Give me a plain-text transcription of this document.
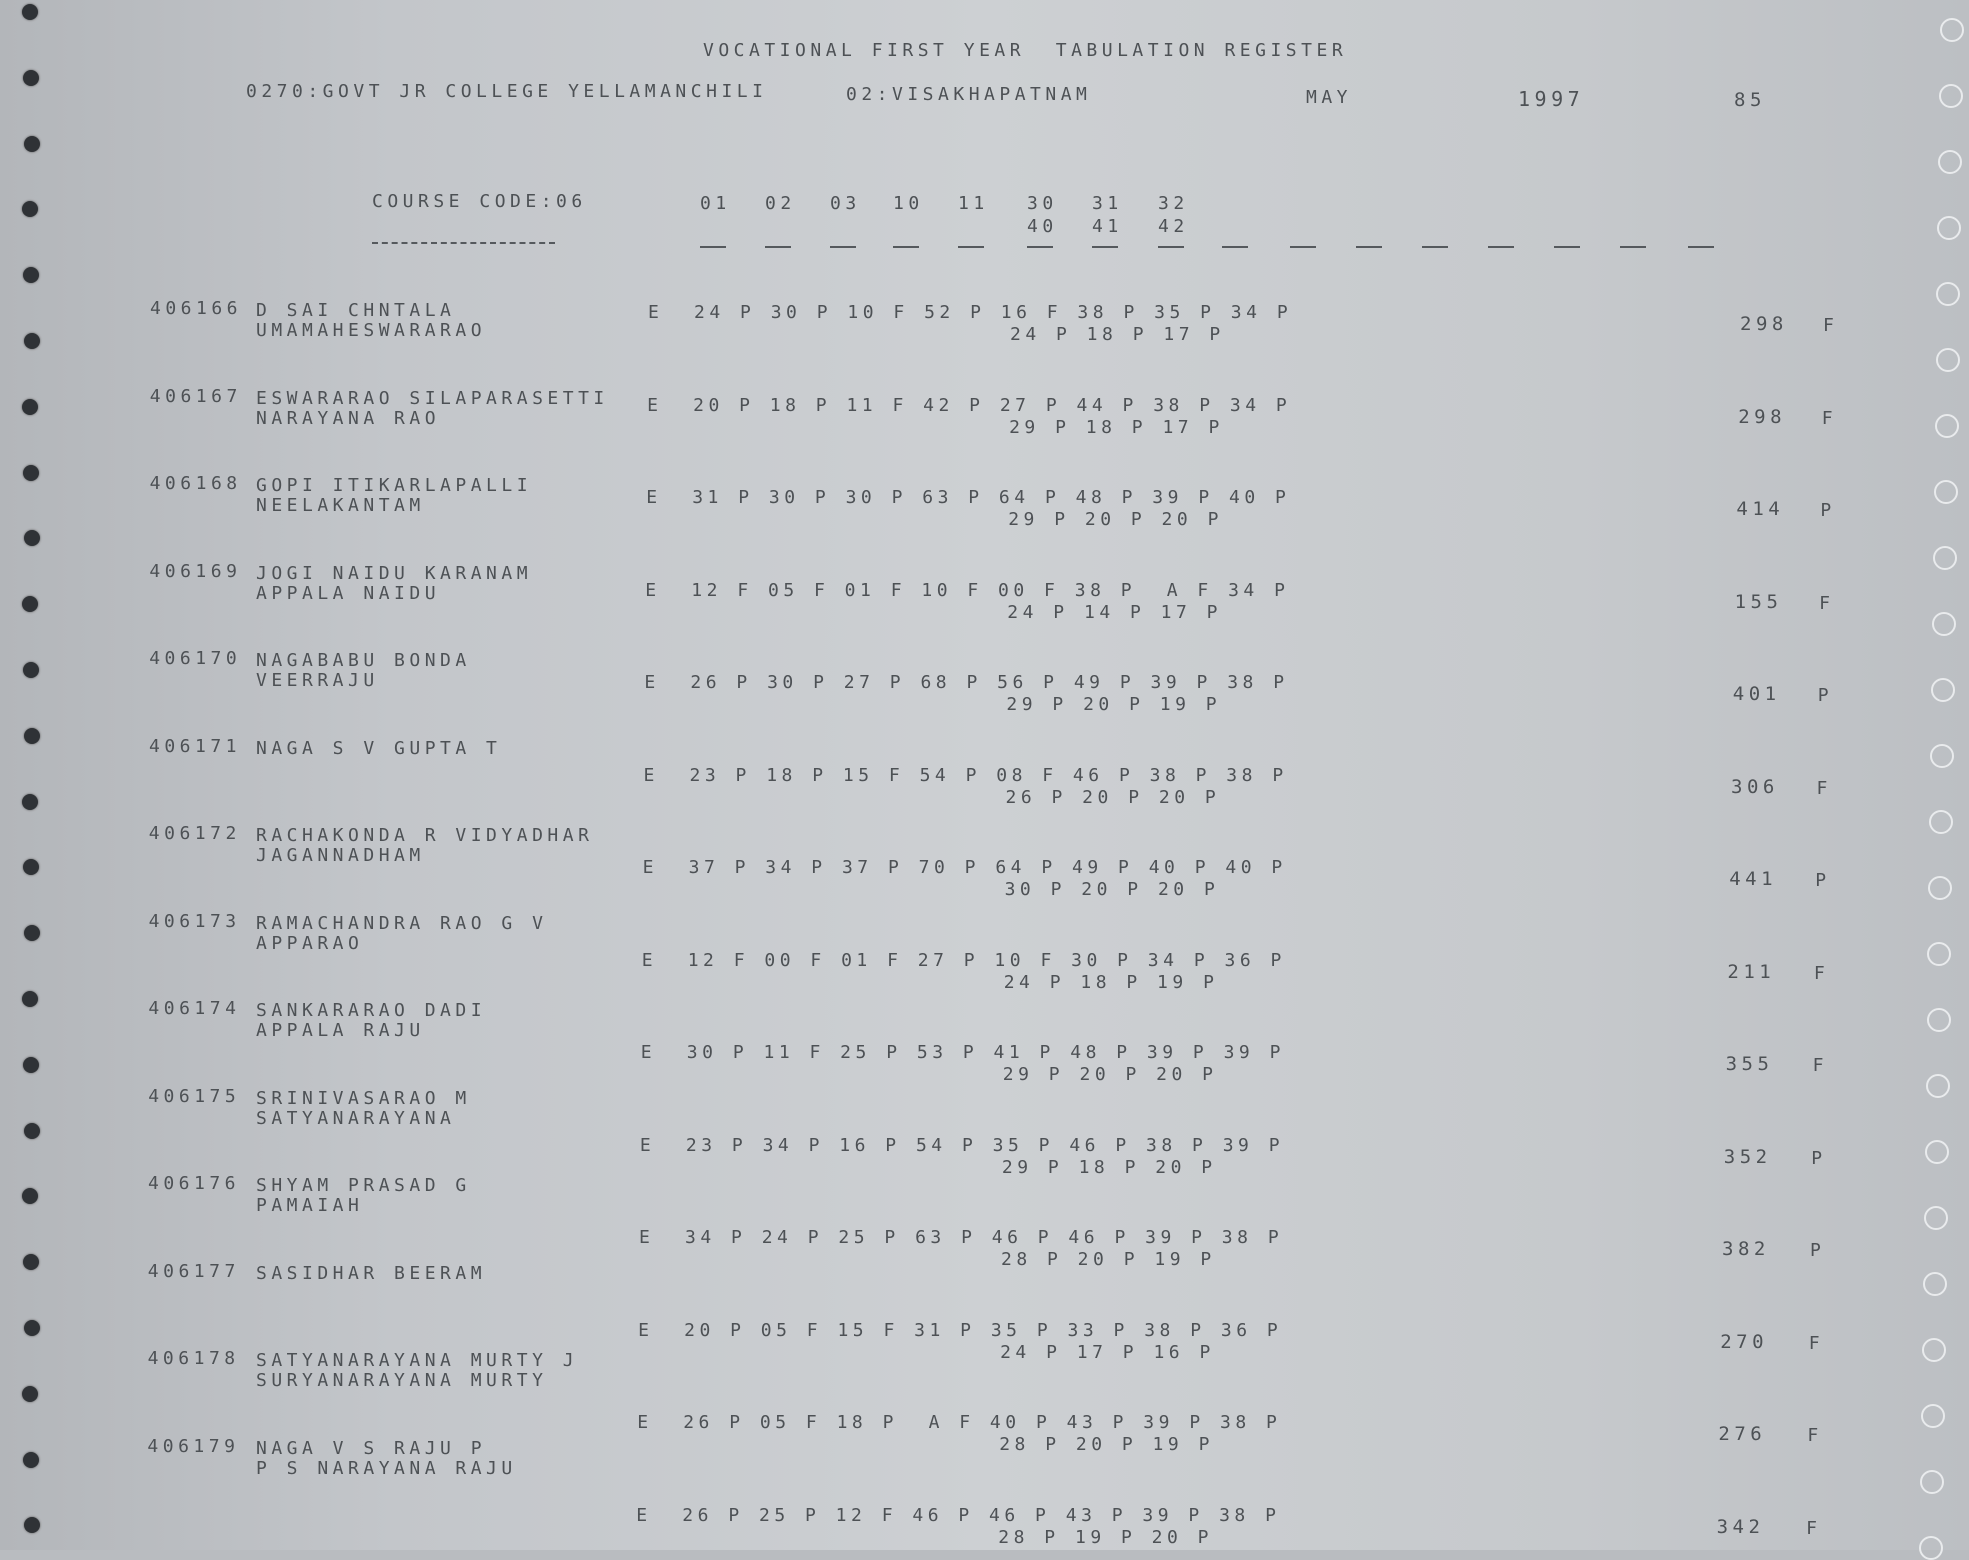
VOCATIONAL FIRST YEAR  TABULATION REGISTER
0270:GOVT JR COLLEGE YELLAMANCHILI	02:VISAKHAPATNAM	MAY	1997	85
COURSE CODE:06	01 02 03 10 11 30 31 32
40 41 42
406166 D SAI CHNTALA
UMAMAHESWARARAO
E  24 P 30 P 10 F 52 P 16 F 38 P 35 P 34 P
24 P 18 P 17 P	298 F
406167 ESWARARAO SILAPARASETTI
NARAYANA RAO
E  20 P 18 P 11 F 42 P 27 P 44 P 38 P 34 P
29 P 18 P 17 P	298 F
406168 GOPI ITIKARLAPALLI
NEELAKANTAM	E  31 P 30 P 30 P 63 P 64 P 48 P 39 P 40 P
29 P 20 P 20 P	414 P
406169 JOGI NAIDU KARANAM
APPALA NAIDU	E  12 F 05 F 01 F 10 F 00 F 38 P  A F 34 P
24 P 14 P 17 P	155 F
406170 NAGABABU BONDA
VEERRAJU	E  26 P 30 P 27 P 68 P 56 P 49 P 39 P 38 P
29 P 20 P 19 P	401 P
406171 NAGA S V GUPTA T
E  23 P 18 P 15 F 54 P 08 F 46 P 38 P 38 P
26 P 20 P 20 P	306 F
406172 RACHAKONDA R VIDYADHAR
JAGANNADHAM
E  37 P 34 P 37 P 70 P 64 P 49 P 40 P 40 P
30 P 20 P 20 P	441 P
406173 RAMACHANDRA RAO G V
APPARAO
E  12 F 00 F 01 F 27 P 10 F 30 P 34 P 36 P
24 P 18 P 19 P	211 F
406174 SANKARARAO DADI
APPALA RAJU
E  30 P 11 F 25 P 53 P 41 P 48 P 39 P 39 P
29 P 20 P 20 P	355 F
406175 SRINIVASARAO M
SATYANARAYANA
E  23 P 34 P 16 P 54 P 35 P 46 P 38 P 39 P
29 P 18 P 20 P	352 P
406176 SHYAM PRASAD G
PAMAIAH
E  34 P 24 P 25 P 63 P 46 P 46 P 39 P 38 P
28 P 20 P 19 P	382 P
406177 SASIDHAR BEERAM
E  20 P 05 F 15 F 31 P 35 P 33 P 38 P 36 P
24 P 17 P 16 P	270 F
406178 SATYANARAYANA MURTY J
SURYANARAYANA MURTY
E  26 P 05 F 18 P  A F 40 P 43 P 39 P 38 P
28 P 20 P 19 P	276 F
406179 NAGA V S RAJU P
P S NARAYANA RAJU
E  26 P 25 P 12 F 46 P 46 P 43 P 39 P 38 P
28 P 19 P 20 P	342 F
